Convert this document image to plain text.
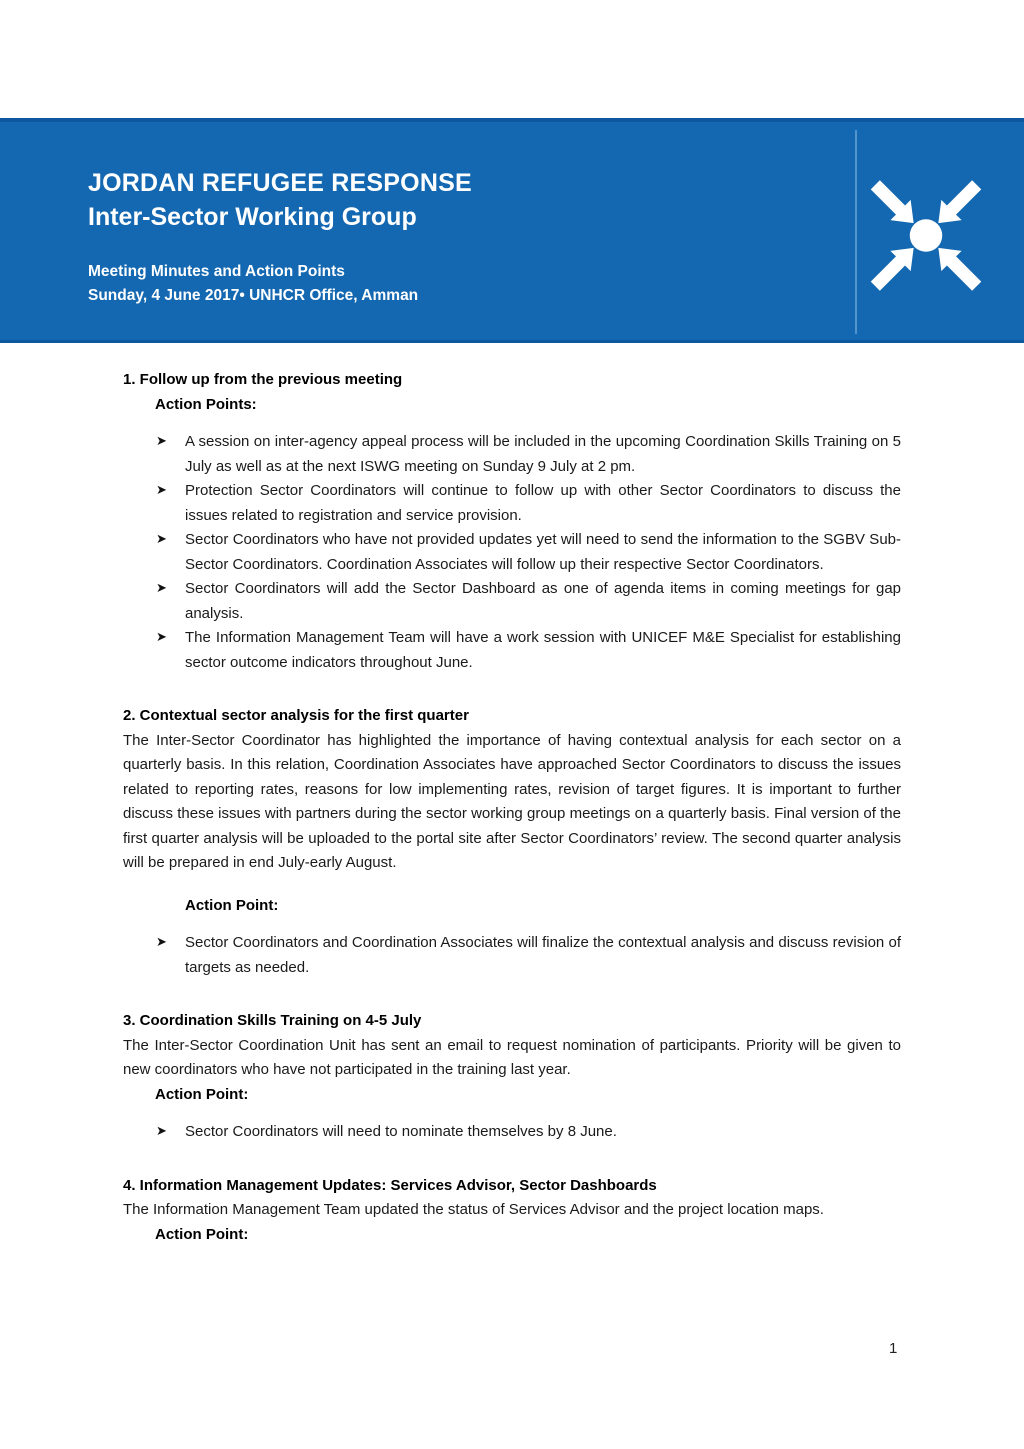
JORDAN REFUGEE RESPONSE
Inter-Sector Working Group
Meeting Minutes and Action Points
Sunday, 4 June 2017• UNHCR Office, Amman
1. Follow up from the previous meeting
Action Points:
➤ A session on inter-agency appeal process will be included in the upcoming Coordination Skills Training on 5 July as well as at the next ISWG meeting on Sunday 9 July at 2 pm.
➤ Protection Sector Coordinators will continue to follow up with other Sector Coordinators to discuss the issues related to registration and service provision.
➤ Sector Coordinators who have not provided updates yet will need to send the information to the SGBV Sub-Sector Coordinators. Coordination Associates will follow up their respective Sector Coordinators.
➤ Sector Coordinators will add the Sector Dashboard as one of agenda items in coming meetings for gap analysis.
➤ The Information Management Team will have a work session with UNICEF M&E Specialist for establishing sector outcome indicators throughout June.
2. Contextual sector analysis for the first quarter
The Inter-Sector Coordinator has highlighted the importance of having contextual analysis for each sector on a quarterly basis. In this relation, Coordination Associates have approached Sector Coordinators to discuss the issues related to reporting rates, reasons for low implementing rates, revision of target figures. It is important to further discuss these issues with partners during the sector working group meetings on a quarterly basis. Final version of the first quarter analysis will be uploaded to the portal site after Sector Coordinators’ review. The second quarter analysis will be prepared in end July-early August.
Action Point:
➤ Sector Coordinators and Coordination Associates will finalize the contextual analysis and discuss revision of targets as needed.
3. Coordination Skills Training on 4-5 July
The Inter-Sector Coordination Unit has sent an email to request nomination of participants. Priority will be given to new coordinators who have not participated in the training last year.
Action Point:
➤ Sector Coordinators will need to nominate themselves by 8 June.
4. Information Management Updates: Services Advisor, Sector Dashboards
The Information Management Team updated the status of Services Advisor and the project location maps.
Action Point:
1
